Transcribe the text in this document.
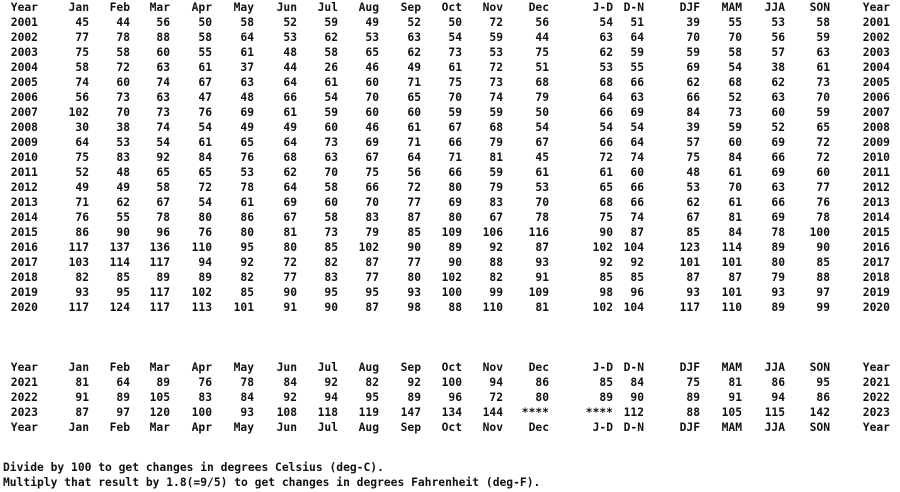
Year	Jan	Feb	Mar	Apr	May	Jun	Jul	Aug	Sep	Oct	Nov	Dec	J-D D-N	DJF	MAM	JJA	SON	Year
2001	45	44	56	50	58	52	59	49	52	50	72	56	54	51	39	55	53	58	2001
2002	77	78	88	58	64	53	62	53	63	54	59	44	63	64	70	70	56	59	2002
2003	75	58	60	55	61	48	58	65	62	73	53	75	62	59	59	58	57	63	2003
2004	58	72	63	61	37	44	26	46	49	61	72	51	53	55	69	54	38	61	2004
2005	74	60	74	67	63	64	61	60	71	75	73	68	68	66	62	68	62	73	2005
2006	56	73	63	47	48	66	54	70	65	70	74	79	64	63	66	52	63	70	2006
2007	102	70	73	76	69	61	59	60	60	59	59	50	66	69	84	73	60	59	2007
2008	30	38	74	54	49	49	60	46	61	67	68	54	54	54	39	59	52	65	2008
2009	64	53	54	61	65	64	73	69	71	66	79	67	66	64	57	60	69	72	2009
2010	75	83	92	84	76	68	63	67	64	71	81	45	72	74	75	84	66	72	2010
2011	52	48	65	65	53	62	70	75	56	66	59	61	61	60	48	61	69	60	2011
2012	49	49	58	72	78	64	58	66	72	80	79	53	65	66	53	70	63	77	2012
2013	71	62	67	54	61	69	60	70	77	69	83	70	68	66	62	61	66	76	2013
2014	76	55	78	80	86	67	58	83	87	80	67	78	75	74	67	81	69	78	2014
2015	86	90	96	76	80	81	73	79	85	109	106	116	90	87	85	84	78	100	2015
2016	117	137	136	110	95	80	85	102	90	89	92	87	102 104	123	114	89	90	2016
2017	103	114	117	94	92	72	82	87	77	90	88	93	92	92	101	101	80	85	2017
2018	82	85	89	89	82	77	83	77	80	102	82	91	85	85	87	87	79	88	2018
2019	93	95	117	102	85	90	95	95	93	100	99	109	98	96	93	101	93	97	2019
2020	117	124	117	113	101	91	90	87	98	88	110	81	102 104	117	110	89	99	2020
Year	Jan	Feb	Mar	Apr	May	Jun	Jul	Aug	Sep	Oct	Nov	Dec	J-D D-N	DJF	MAM	JJA	SON	Year
2021	81	64	89	76	78	84	92	82	92	100	94	86	85	84	75	81	86	95	2021
2022	91	89	105	83	84	92	94	95	89	96	72	80	89	90	89	91	94	86	2022
2023	87	97	120	100	93	108	118	119	147	134	144	****	**** 112	88	105	115	142	2023
Year	Jan	Feb	Mar	Apr	May	Jun	Jul	Aug	Sep	Oct	Nov	Dec	J-D D-N	DJF	MAM	JJA	SON	Year
Divide by 100 to get changes in degrees Celsius (deg-C).
Multiply that result by 1.8(=9/5) to get changes in degrees Fahrenheit (deg-F).
